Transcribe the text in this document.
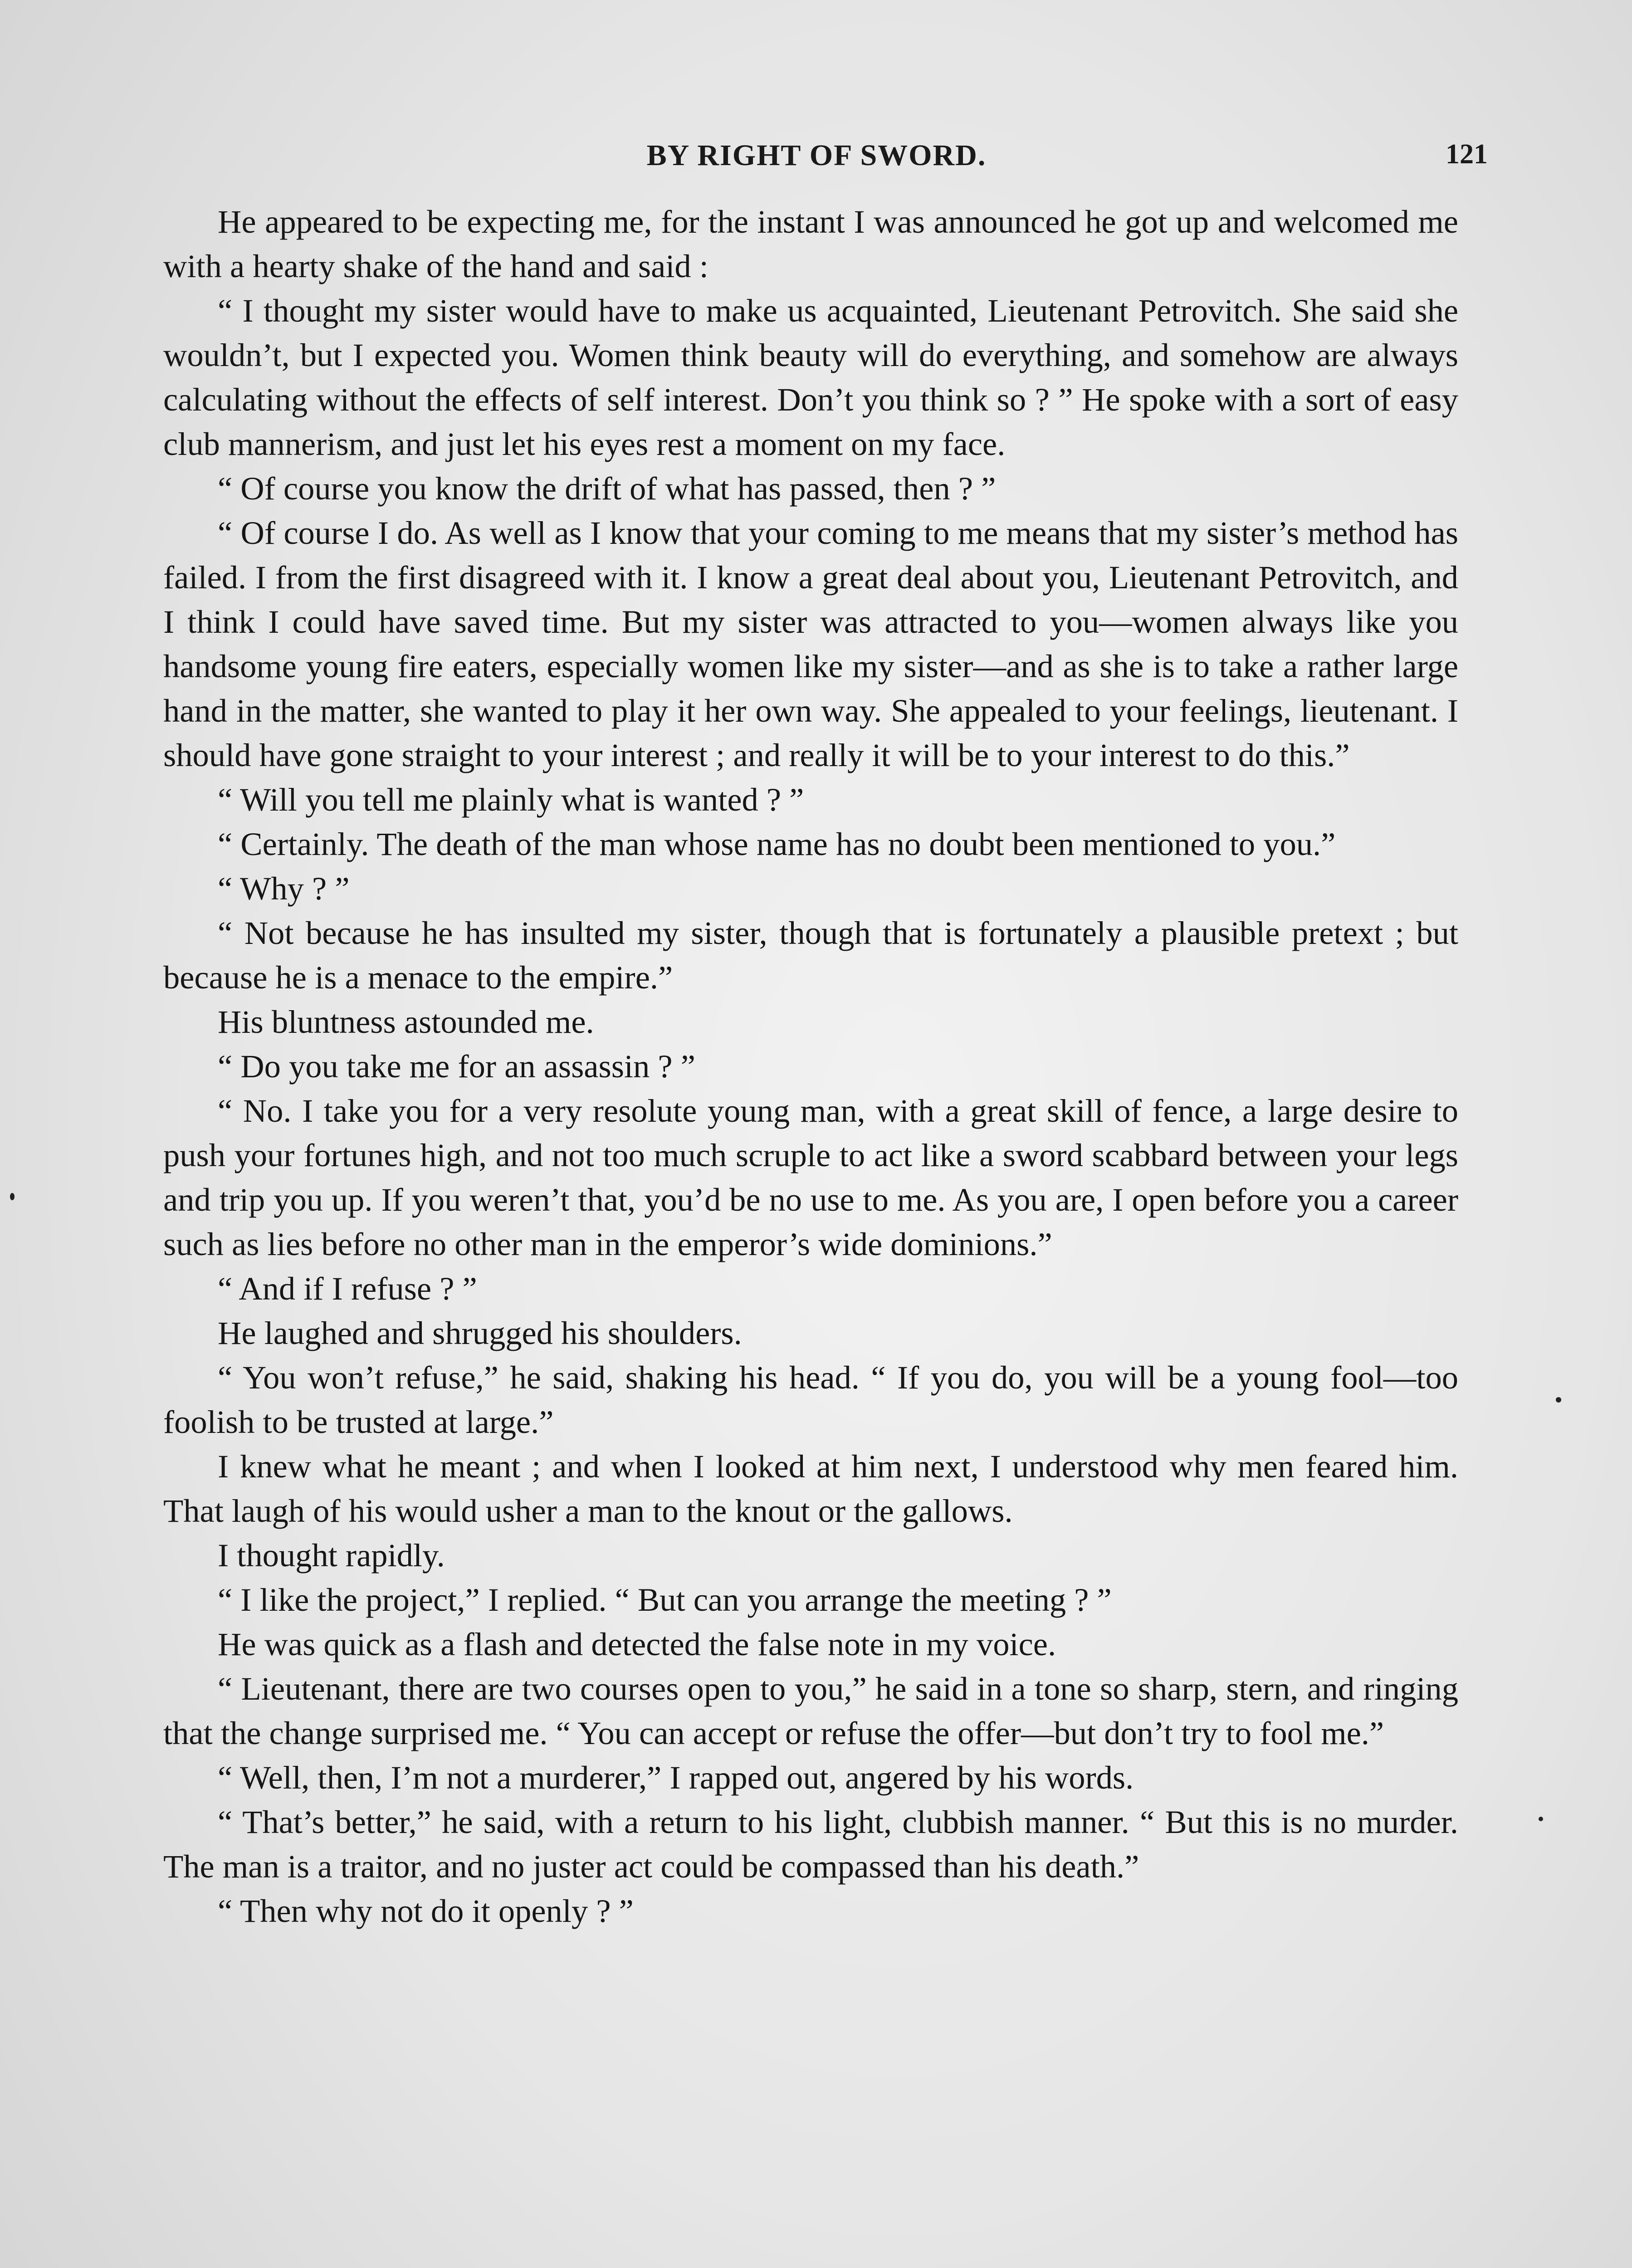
BY RIGHT OF SWORD.	121

He appeared to be expecting me, for the instant I was announced he got up and welcomed me with a hearty shake of the hand and said :

“ I thought my sister would have to make us acquainted, Lieutenant Petrovitch. She said she wouldn’t, but I expected you. Women think beauty will do everything, and somehow are always calculating without the effects of self interest. Don’t you think so ? ” He spoke with a sort of easy club mannerism, and just let his eyes rest a moment on my face.

“ Of course you know the drift of what has passed, then ? ”

“ Of course I do. As well as I know that your coming to me means that my sister’s method has failed. I from the first disagreed with it. I know a great deal about you, Lieutenant Petrovitch, and I think I could have saved time. But my sister was attracted to you—women always like you handsome young fire eaters, especially women like my sister—and as she is to take a rather large hand in the matter, she wanted to play it her own way. She appealed to your feelings, lieutenant. I should have gone straight to your interest ; and really it will be to your interest to do this.”

“ Will you tell me plainly what is wanted ? ”

“ Certainly. The death of the man whose name has no doubt been mentioned to you.”

“ Why ? ”

“ Not because he has insulted my sister, though that is fortunately a plausible pretext ; but because he is a menace to the empire.”

His bluntness astounded me.

“ Do you take me for an assassin ? ”

“ No. I take you for a very resolute young man, with a great skill of fence, a large desire to push your fortunes high, and not too much scruple to act like a sword scabbard between your legs and trip you up. If you weren’t that, you’d be no use to me. As you are, I open before you a career such as lies before no other man in the emperor’s wide dominions.”

“ And if I refuse ? ”

He laughed and shrugged his shoulders.

“ You won’t refuse,” he said, shaking his head. “ If you do, you will be a young fool—too foolish to be trusted at large.”

I knew what he meant ; and when I looked at him next, I understood why men feared him. That laugh of his would usher a man to the knout or the gallows.

I thought rapidly.

“ I like the project,” I replied. “ But can you arrange the meeting ? ”

He was quick as a flash and detected the false note in my voice.

“ Lieutenant, there are two courses open to you,” he said in a tone so sharp, stern, and ringing that the change surprised me. “ You can accept or refuse the offer—but don’t try to fool me.”

“ Well, then, I’m not a murderer,” I rapped out, angered by his words.

“ That’s better,” he said, with a return to his light, clubbish manner. “ But this is no murder. The man is a traitor, and no juster act could be compassed than his death.”

“ Then why not do it openly ? ”
